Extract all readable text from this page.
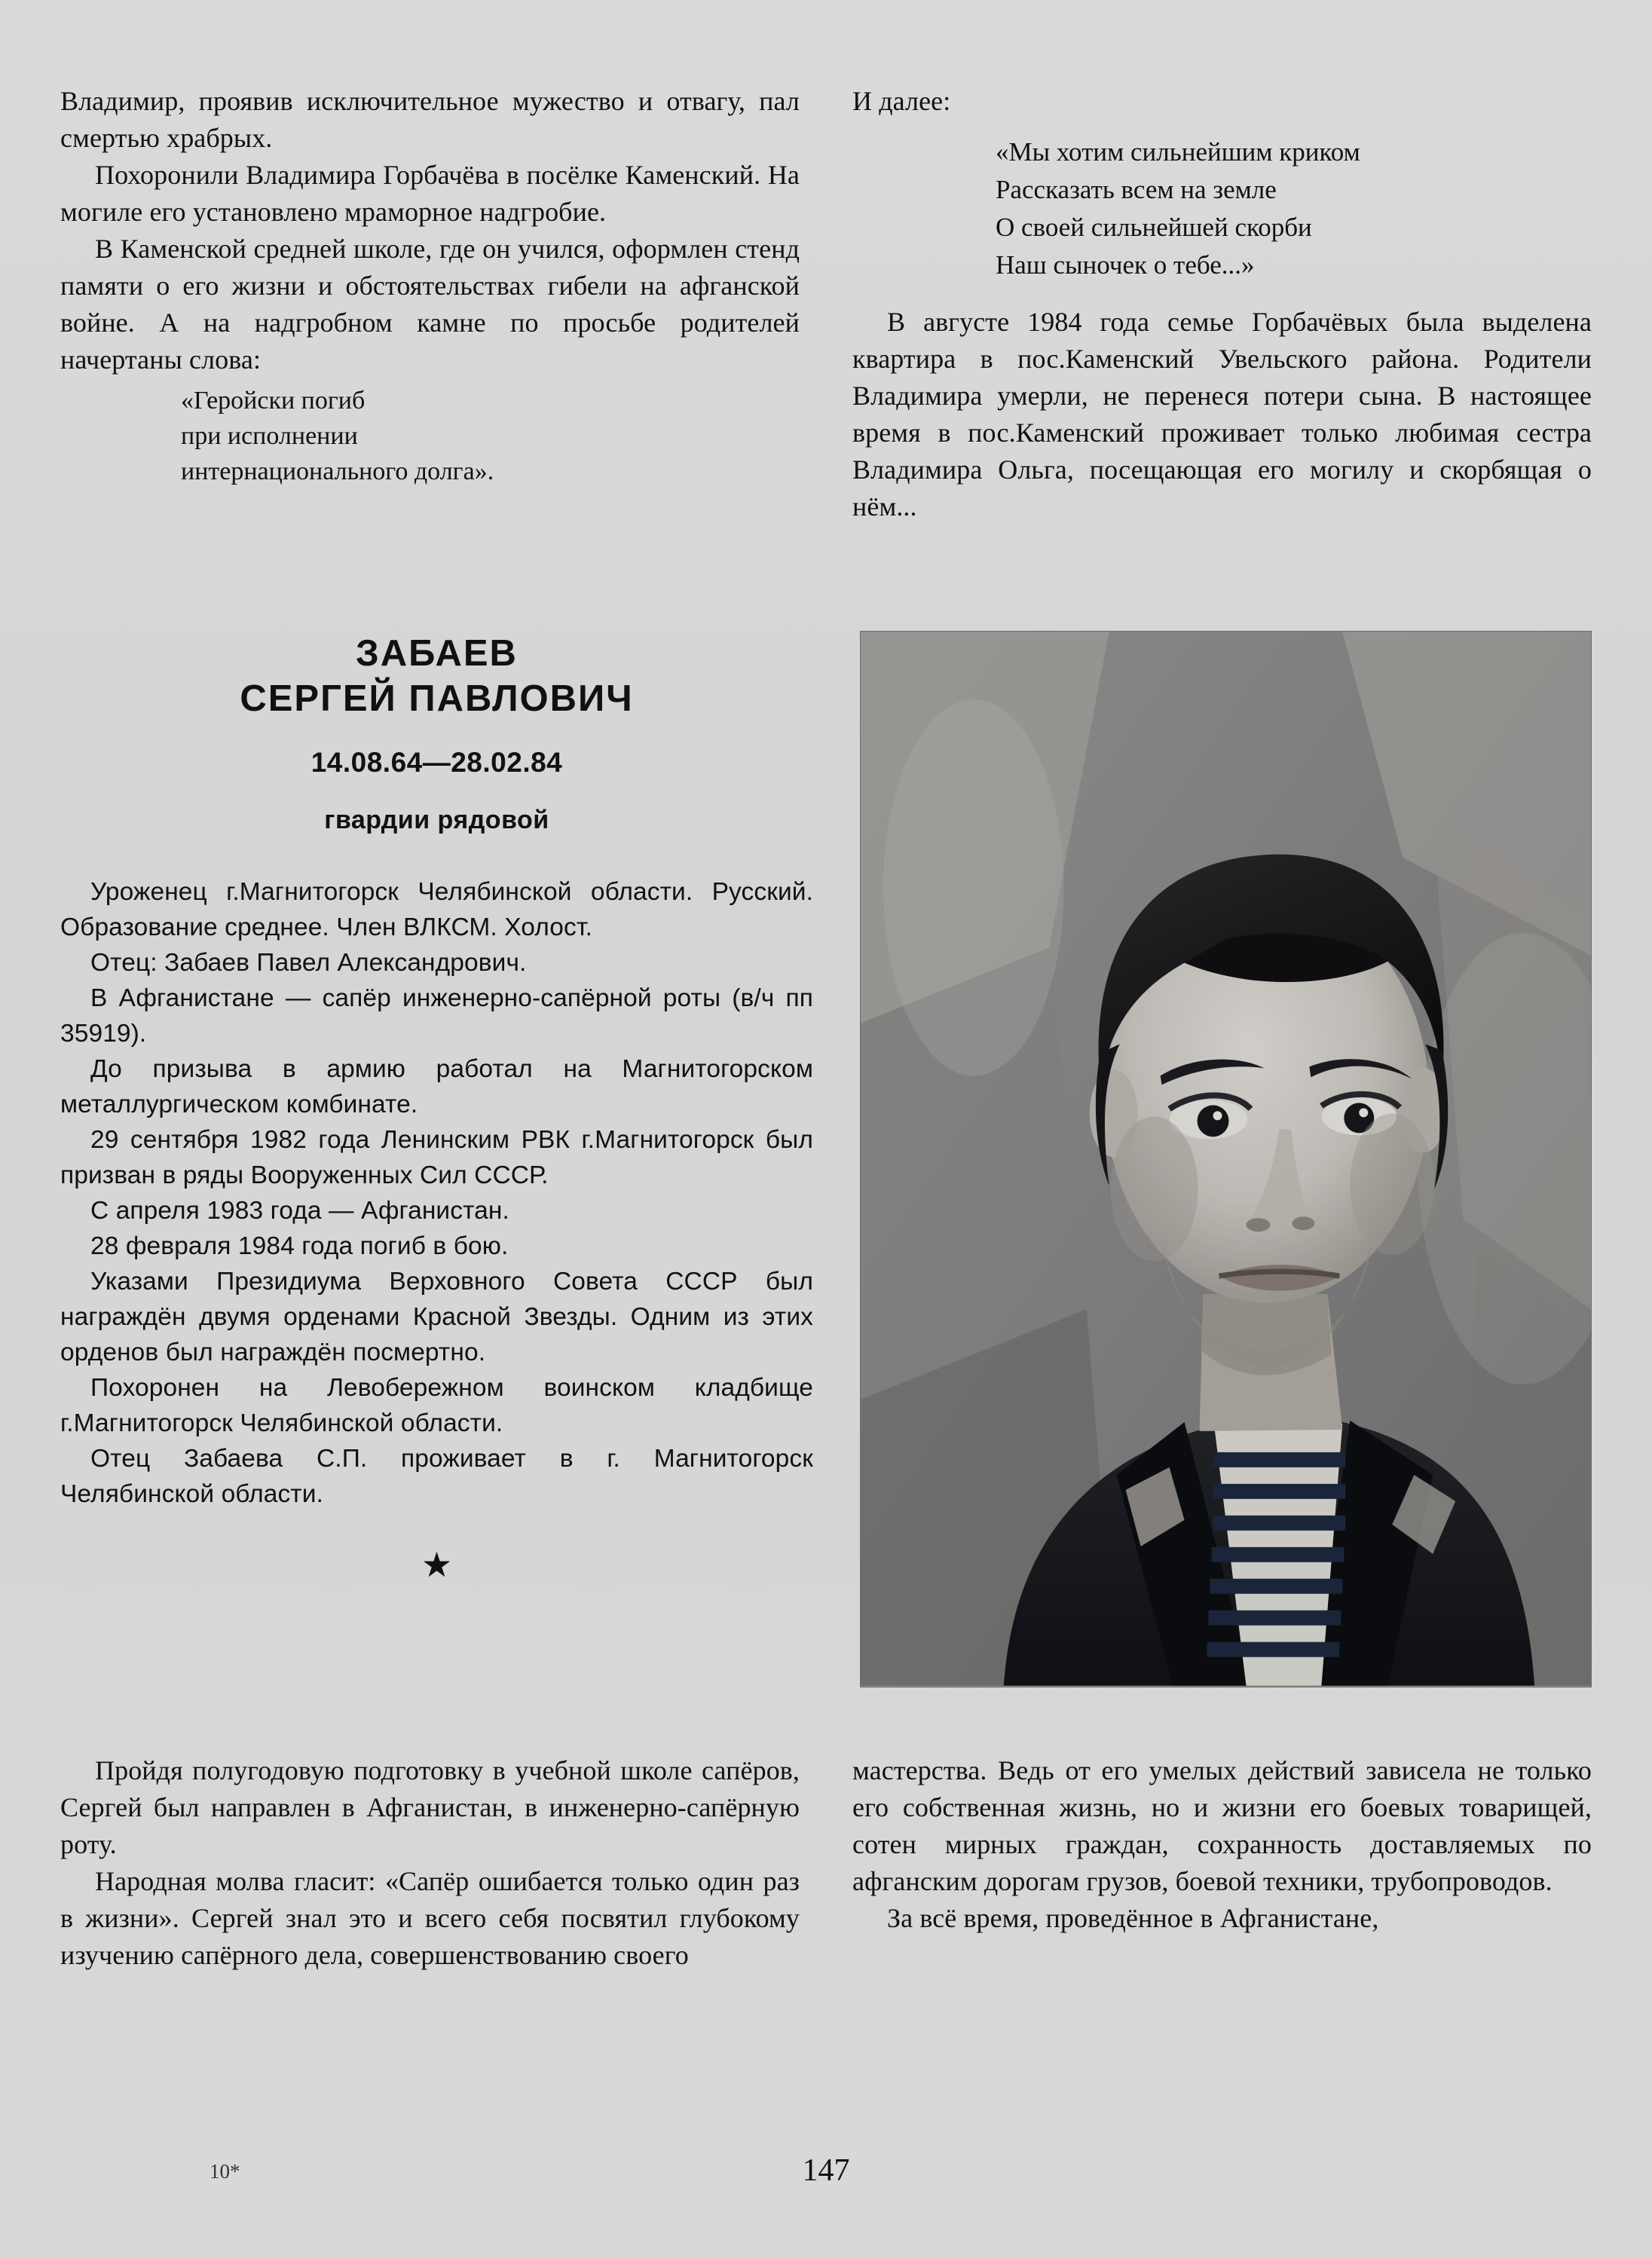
Владимир, проявив исключительное мужество и отвагу, пал смертью храбрых.

Похоронили Владимира Горбачёва в посёлке Каменский. На могиле его установлено мраморное надгробие.

В Каменской средней школе, где он учился, оформлен стенд памяти о его жизни и обстоятельствах гибели на афганской войне. А на надгробном камне по просьбе родителей начертаны слова:

«Геройски погиб
при исполнении
интернационального долга».

И далее:

«Мы хотим сильнейшим криком
Рассказать всем на земле
О своей сильнейшей скорби
Наш сыночек о тебе...»

В августе 1984 года семье Горбачёвых была выделена квартира в пос.Каменский Увельского района. Родители Владимира умерли, не перенеся потери сына. В настоящее время в пос.Каменский проживает только любимая сестра Владимира Ольга, посещающая его могилу и скорбящая о нём...

ЗАБАЕВ
СЕРГЕЙ ПАВЛОВИЧ
14.08.64—28.02.84
гвардии рядовой

Уроженец г.Магнитогорск Челябинской области. Русский. Образование среднее. Член ВЛКСМ. Холост.

Отец: Забаев Павел Александрович.

В Афганистане — сапёр инженерно-сапёрной роты (в/ч пп 35919).

До призыва в армию работал на Магнитогорском металлургическом комбинате.

29 сентября 1982 года Ленинским РВК г.Магнитогорск был призван в ряды Вооруженных Сил СССР.

С апреля 1983 года — Афганистан.

28 февраля 1984 года погиб в бою.

Указами Президиума Верховного Совета СССР был награждён двумя орденами Красной Звезды. Одним из этих орденов был награждён посмертно.

Похоронен на Левобережном воинском кладбище г.Магнитогорск Челябинской области.

Отец Забаева С.П. проживает в г. Магнитогорск Челябинской области.

★

Пройдя полугодовую подготовку в учебной школе сапёров, Сергей был направлен в Афганистан, в инженерно-сапёрную роту.

Народная молва гласит: «Сапёр ошибается только один раз в жизни». Сергей знал это и всего себя посвятил глубокому изучению сапёрного дела, совершенствованию своего

мастерства. Ведь от его умелых действий зависела не только его собственная жизнь, но и жизни его боевых товарищей, сотен мирных граждан, сохранность доставляемых по афганским дорогам грузов, боевой техники, трубопроводов.

За всё время, проведённое в Афганистане,

10*	147
